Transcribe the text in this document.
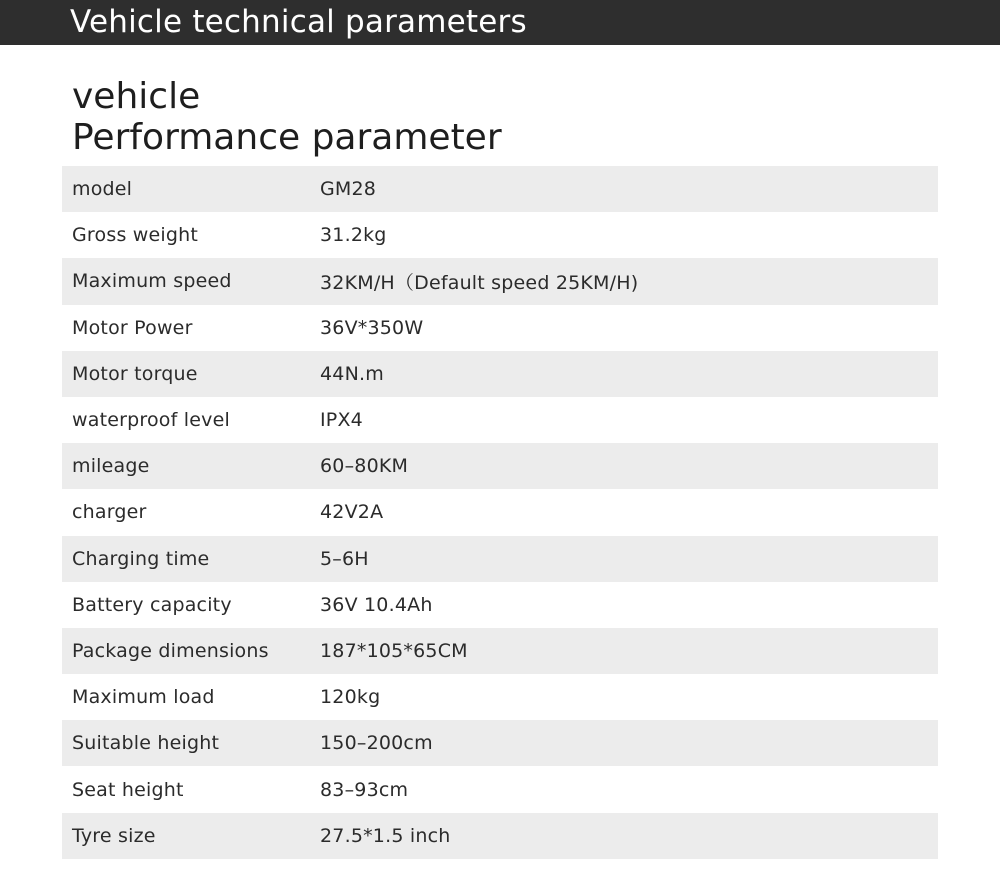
Vehicle technical parameters
vehicle
Performance parameter
model	GM28
Gross weight	31.2kg
Maximum speed	32KM/H（Default speed 25KM/H)
Motor Power	36V*350W
Motor torque	44N.m
waterproof level	IPX4
mileage	60–80KM
charger	42V2A
Charging time	5–6H
Battery capacity	36V 10.4Ah
Package dimensions	187*105*65CM
Maximum load	120kg
Suitable height	150–200cm
Seat height	83–93cm
Tyre size	27.5*1.5 inch
